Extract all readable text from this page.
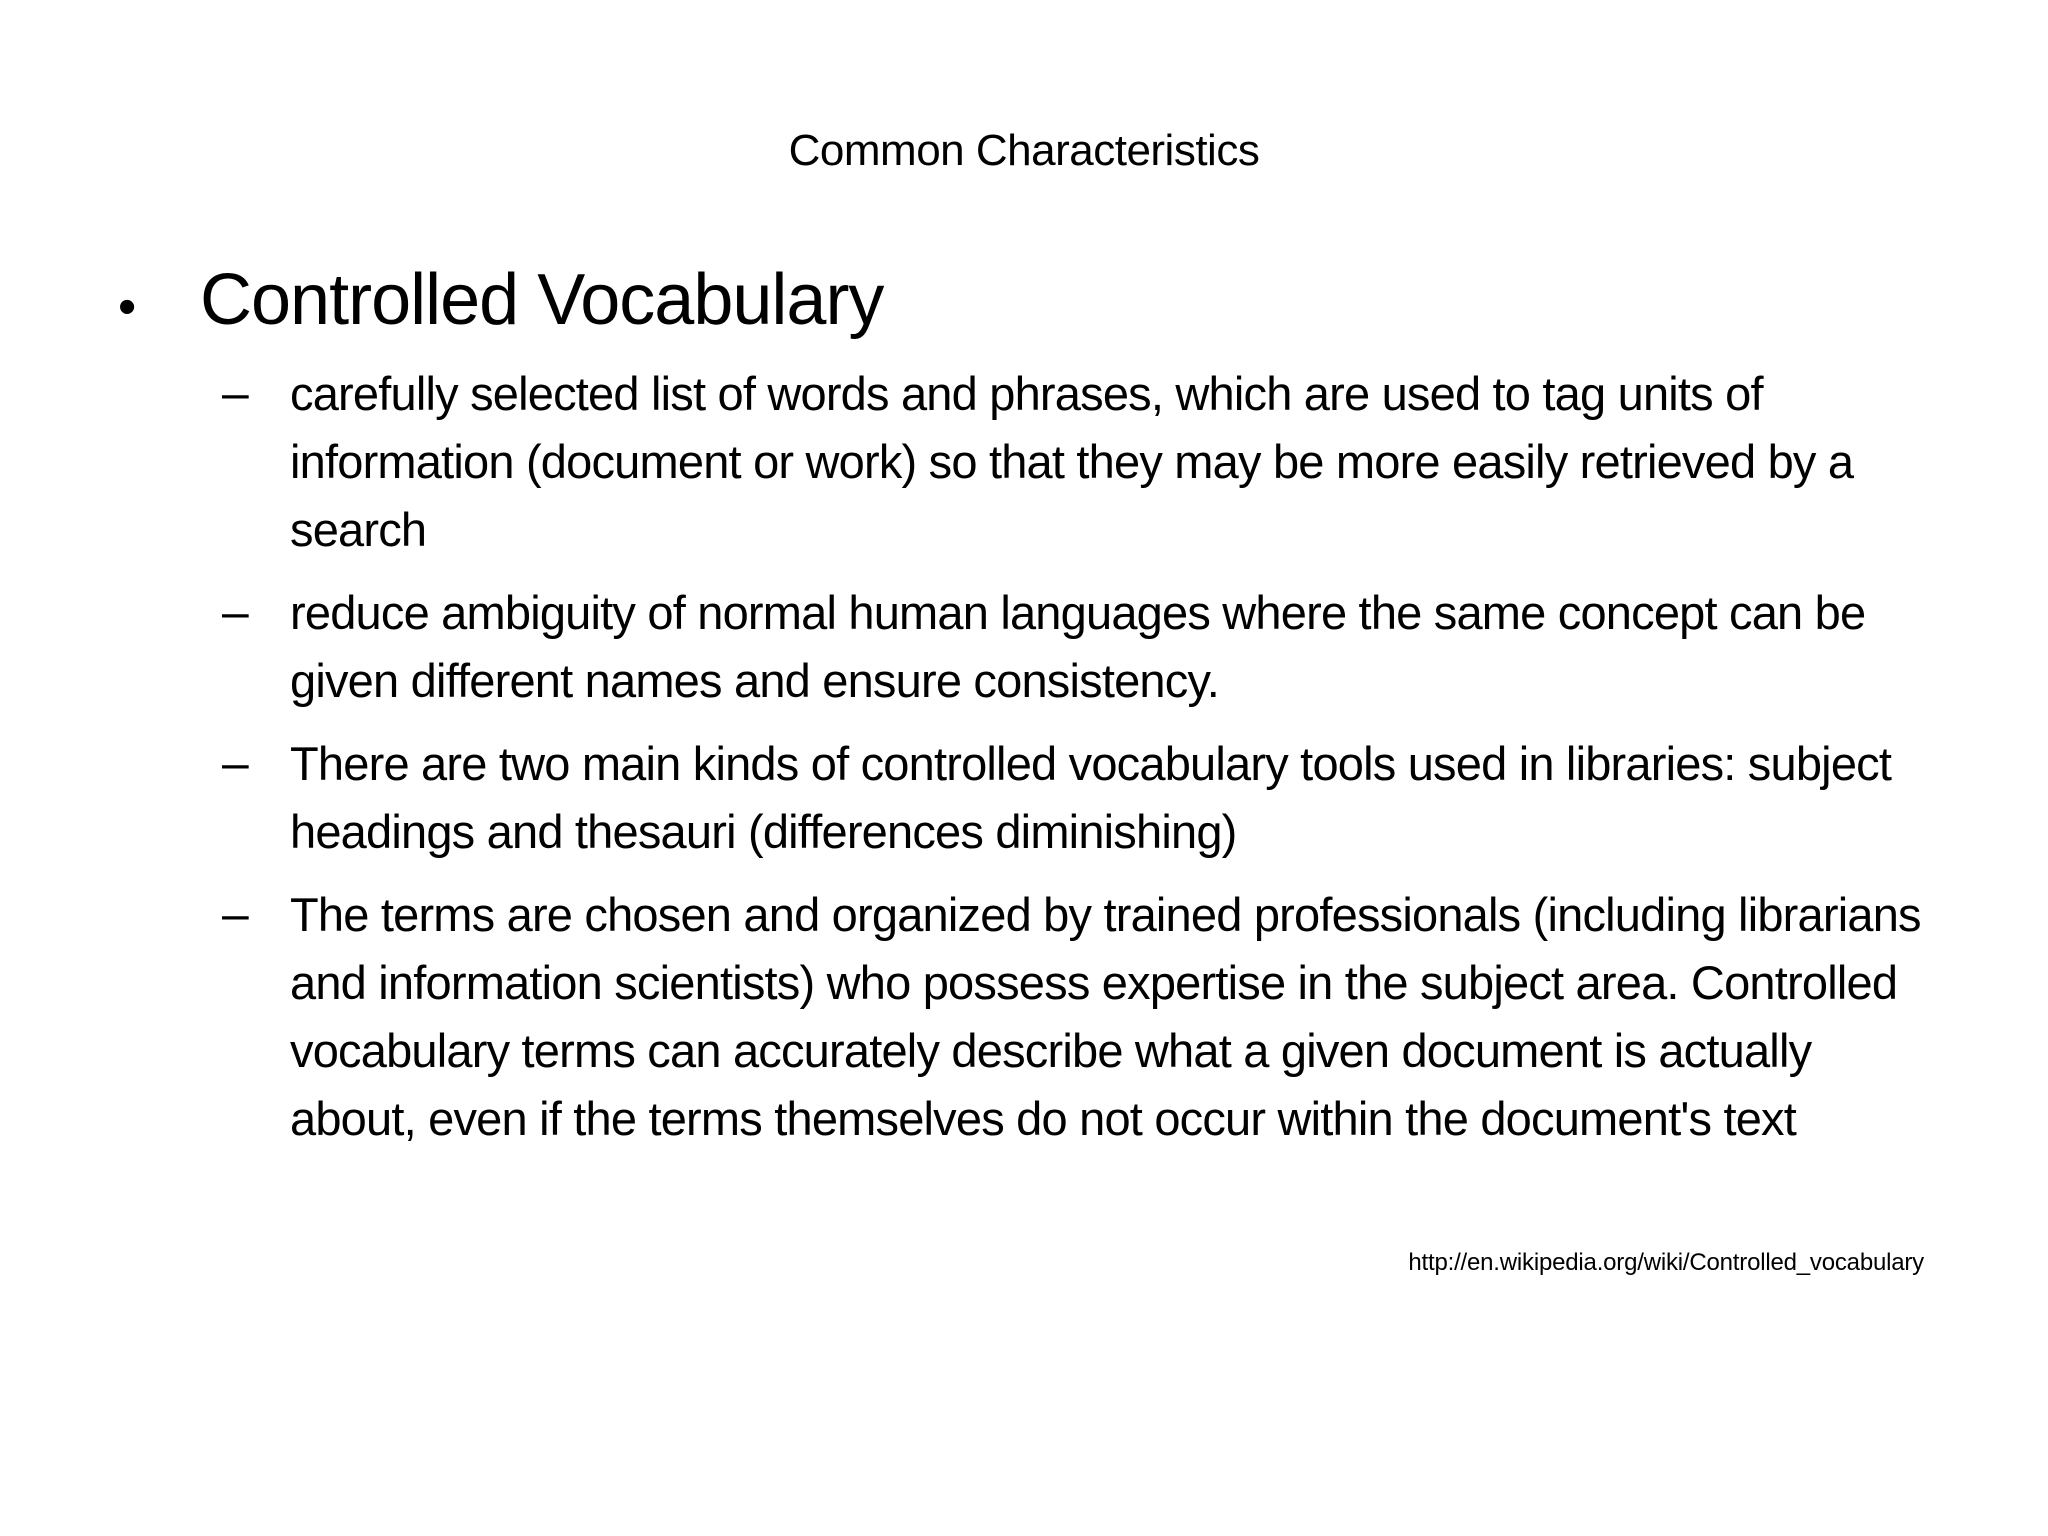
Common Characteristics
• Controlled Vocabulary
– carefully selected list of words and phrases, which are used to tag units of information (document or work) so that they may be more easily retrieved by a search
– reduce ambiguity of normal human languages where the same concept can be given different names and ensure consistency.
– There are two main kinds of controlled vocabulary tools used in libraries: subject headings and thesauri (differences diminishing)
– The terms are chosen and organized by trained professionals (including librarians and information scientists) who possess expertise in the subject area. Controlled vocabulary terms can accurately describe what a given document is actually about, even if the terms themselves do not occur within the document's text
http://en.wikipedia.org/wiki/Controlled_vocabulary
